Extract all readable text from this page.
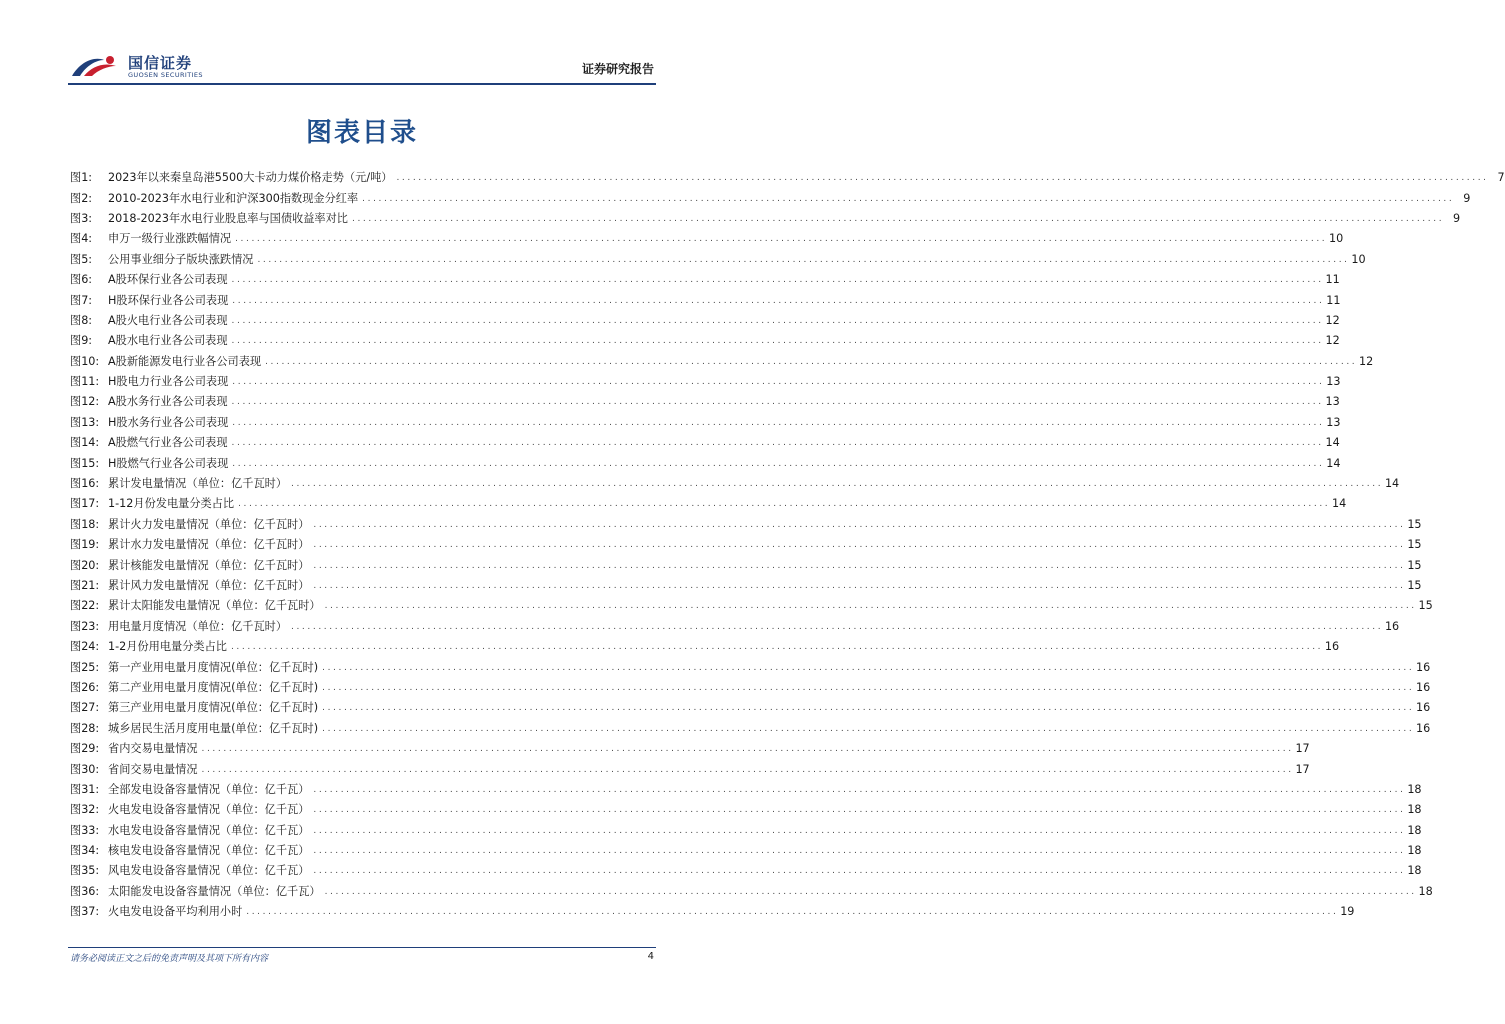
国信证券
GUOSEN SECURITIES	证券研究报告
图表目录
图1:	2023年以来秦皇岛港5500大卡动力煤价格走势（元/吨） ........................................................................................................................................................................................................ 7
图2:	2010-2023年水电行业和沪深300指数现金分红率 ........................................................................................................................................................................................................ 9
图3:	2018-2023年水电行业股息率与国债收益率对比 ........................................................................................................................................................................................................ 9
图4:	申万一级行业涨跌幅情况 ........................................................................................................................................................................................................ 10
图5:	公用事业细分子版块涨跌情况 ........................................................................................................................................................................................................ 10
图6:	A股环保行业各公司表现 ........................................................................................................................................................................................................ 11
图7:	H股环保行业各公司表现 ........................................................................................................................................................................................................ 11
图8:	A股火电行业各公司表现 ........................................................................................................................................................................................................ 12
图9:	A股水电行业各公司表现 ........................................................................................................................................................................................................ 12
图10: A股新能源发电行业各公司表现 ........................................................................................................................................................................................................ 12
图11: H股电力行业各公司表现 ........................................................................................................................................................................................................ 13
图12: A股水务行业各公司表现 ........................................................................................................................................................................................................ 13
图13: H股水务行业各公司表现 ........................................................................................................................................................................................................ 13
图14: A股燃气行业各公司表现 ........................................................................................................................................................................................................ 14
图15: H股燃气行业各公司表现 ........................................................................................................................................................................................................ 14
图16: 累计发电量情况（单位：亿千瓦时） ........................................................................................................................................................................................................ 14
图17: 1-12月份发电量分类占比 ........................................................................................................................................................................................................ 14
图18: 累计火力发电量情况（单位：亿千瓦时） ........................................................................................................................................................................................................ 15
图19: 累计水力发电量情况（单位：亿千瓦时） ........................................................................................................................................................................................................ 15
图20: 累计核能发电量情况（单位：亿千瓦时） ........................................................................................................................................................................................................ 15
图21: 累计风力发电量情况（单位：亿千瓦时） ........................................................................................................................................................................................................ 15
图22: 累计太阳能发电量情况（单位：亿千瓦时） ........................................................................................................................................................................................................ 15
图23: 用电量月度情况（单位：亿千瓦时） ........................................................................................................................................................................................................ 16
图24: 1-2月份用电量分类占比 ........................................................................................................................................................................................................ 16
图25: 第一产业用电量月度情况(单位：亿千瓦时) ........................................................................................................................................................................................................ 16
图26: 第二产业用电量月度情况(单位：亿千瓦时) ........................................................................................................................................................................................................ 16
图27: 第三产业用电量月度情况(单位：亿千瓦时) ........................................................................................................................................................................................................ 16
图28: 城乡居民生活月度用电量(单位：亿千瓦时) ........................................................................................................................................................................................................ 16
图29: 省内交易电量情况 ........................................................................................................................................................................................................ 17
图30: 省间交易电量情况 ........................................................................................................................................................................................................ 17
图31: 全部发电设备容量情况（单位：亿千瓦） ........................................................................................................................................................................................................ 18
图32: 火电发电设备容量情况（单位：亿千瓦） ........................................................................................................................................................................................................ 18
图33: 水电发电设备容量情况（单位：亿千瓦） ........................................................................................................................................................................................................ 18
图34: 核电发电设备容量情况（单位：亿千瓦） ........................................................................................................................................................................................................ 18
图35: 风电发电设备容量情况（单位：亿千瓦） ........................................................................................................................................................................................................ 18
图36: 太阳能发电设备容量情况（单位：亿千瓦） ........................................................................................................................................................................................................ 18
图37: 火电发电设备平均利用小时 ........................................................................................................................................................................................................ 19
请务必阅读正文之后的免责声明及其项下所有内容	4
